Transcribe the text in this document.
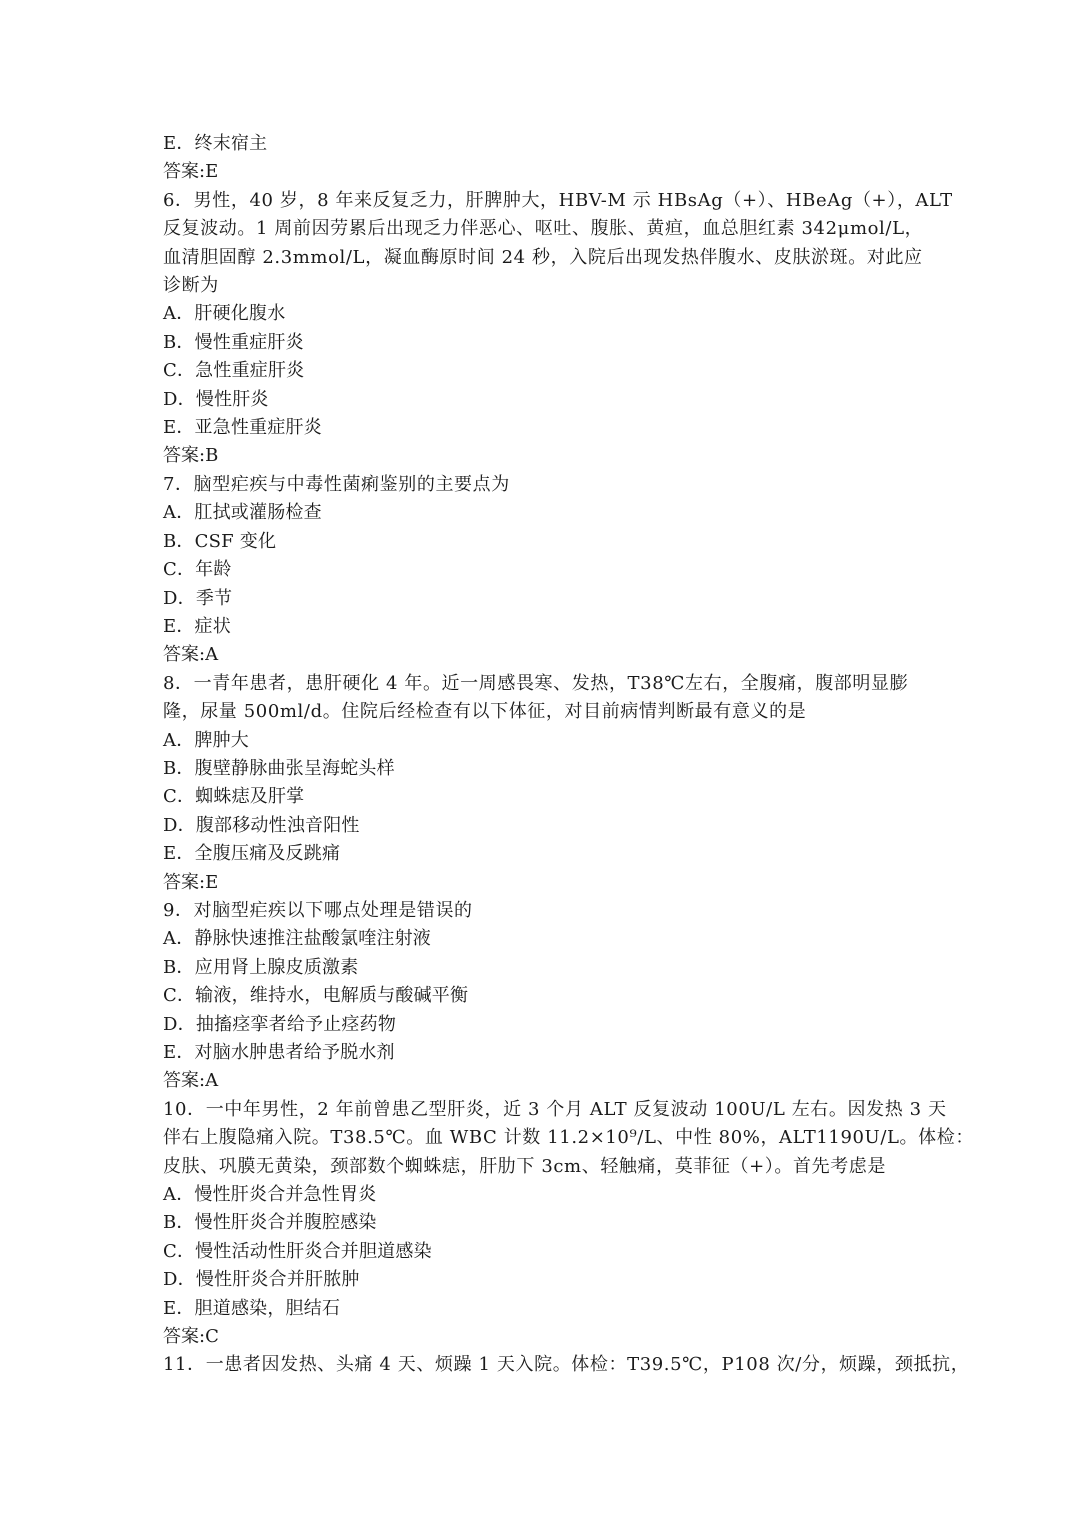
E．终末宿主
答案:E
6．男性，40 岁，8 年来反复乏力，肝脾肿大，HBV-M 示 HBsAg（+）、HBeAg（+），ALT
反复波动。1 周前因劳累后出现乏力伴恶心、呕吐、腹胀、黄疸，血总胆红素 342μmol/L，
血清胆固醇 2.3mmol/L，凝血酶原时间 24 秒，入院后出现发热伴腹水、皮肤淤斑。对此应
诊断为
A．肝硬化腹水
B．慢性重症肝炎
C．急性重症肝炎
D．慢性肝炎
E．亚急性重症肝炎
答案:B
7．脑型疟疾与中毒性菌痢鉴别的主要点为
A．肛拭或灌肠检查
B．CSF 变化
C．年龄
D．季节
E．症状
答案:A
8．一青年患者，患肝硬化 4 年。近一周感畏寒、发热，T38℃左右，全腹痛，腹部明显膨
隆，尿量 500ml/d。住院后经检查有以下体征，对目前病情判断最有意义的是
A．脾肿大
B．腹壁静脉曲张呈海蛇头样
C．蜘蛛痣及肝掌
D．腹部移动性浊音阳性
E．全腹压痛及反跳痛
答案:E
9．对脑型疟疾以下哪点处理是错误的
A．静脉快速推注盐酸氯喹注射液
B．应用肾上腺皮质激素
C．输液，维持水，电解质与酸碱平衡
D．抽搐痉挛者给予止痉药物
E．对脑水肿患者给予脱水剂
答案:A
10．一中年男性，2 年前曾患乙型肝炎，近 3 个月 ALT 反复波动 100U/L 左右。因发热 3 天
伴右上腹隐痛入院。T38.5℃。血 WBC 计数 11.2×10⁹/L、中性 80%，ALT1190U/L。体检：
皮肤、巩膜无黄染，颈部数个蜘蛛痣，肝肋下 3cm、轻触痛，莫菲征（+）。首先考虑是
A．慢性肝炎合并急性胃炎
B．慢性肝炎合并腹腔感染
C．慢性活动性肝炎合并胆道感染
D．慢性肝炎合并肝脓肿
E．胆道感染，胆结石
答案:C
11．一患者因发热、头痛 4 天、烦躁 1 天入院。体检：T39.5℃，P108 次/分，烦躁，颈抵抗，
